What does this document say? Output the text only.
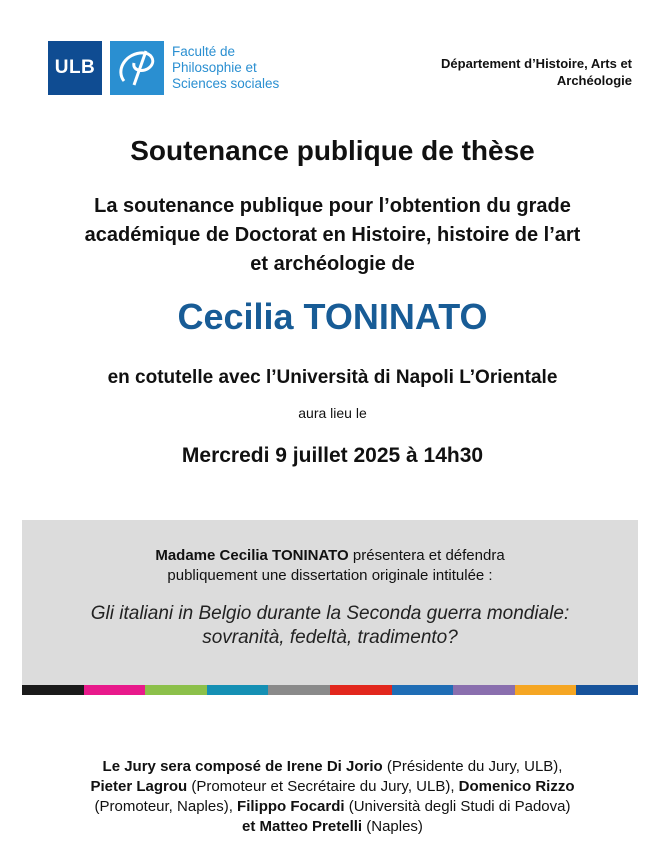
ULB
Faculté de
Philosophie et
Sciences sociales
Département d’Histoire, Arts et
Archéologie
Soutenance publique de thèse
La soutenance publique pour l’obtention du grade
académique de Doctorat en Histoire, histoire de l’art
et archéologie de
Cecilia TONINATO
en cotutelle avec l’Università di Napoli L’Orientale
aura lieu le
Mercredi 9 juillet 2025 à 14h30
Madame Cecilia TONINATO présentera et défendra
publiquement une dissertation originale intitulée :
Gli italiani in Belgio durante la Seconda guerra mondiale:
sovranità, fedeltà, tradimento?
Le Jury sera composé de Irene Di Jorio (Présidente du Jury, ULB),
Pieter Lagrou (Promoteur et Secrétaire du Jury, ULB), Domenico Rizzo
(Promoteur, Naples), Filippo Focardi (Università degli Studi di Padova)
et Matteo Pretelli (Naples)
